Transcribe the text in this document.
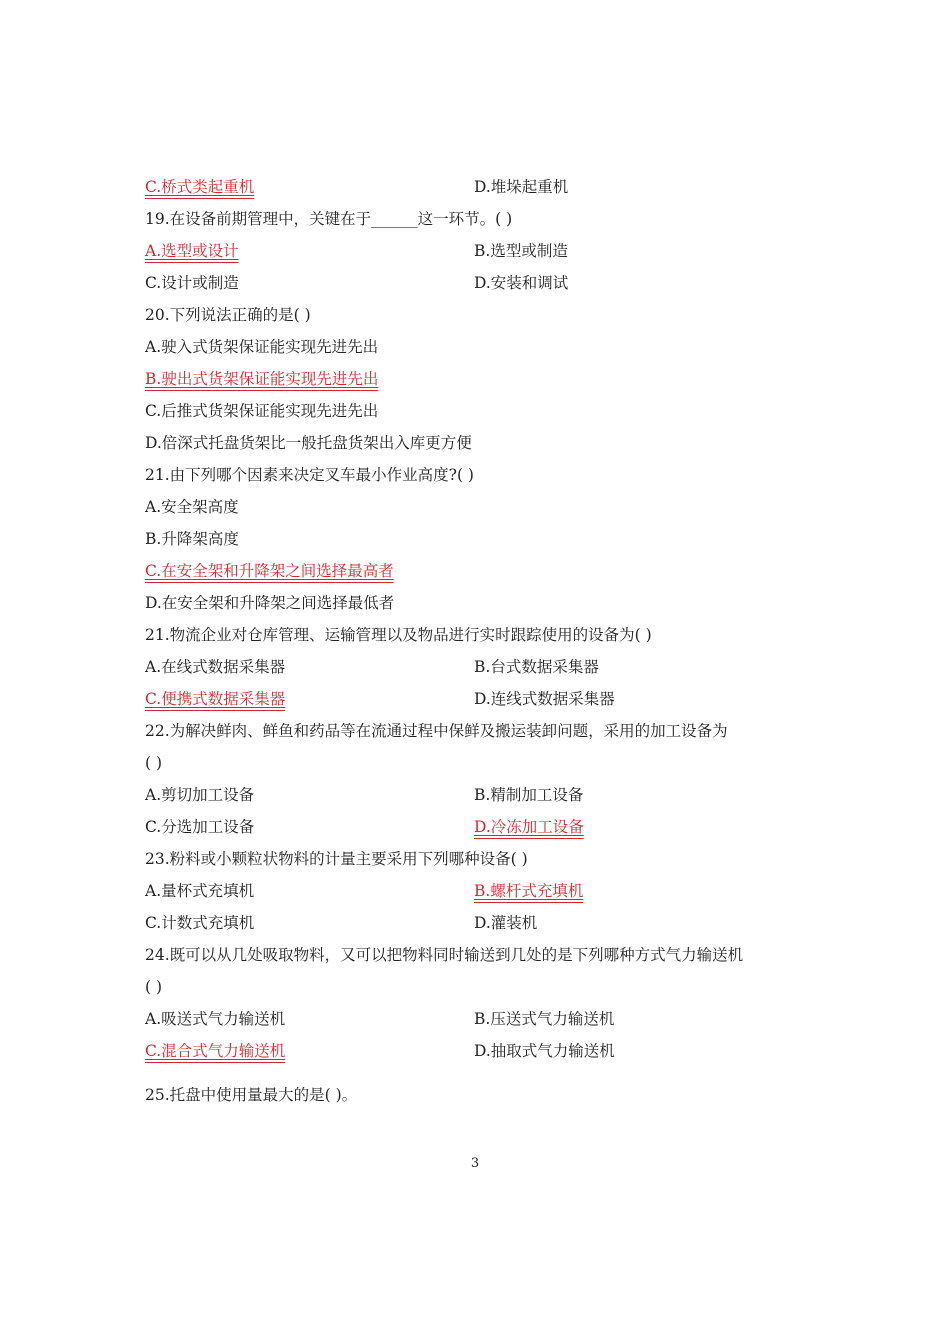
C.桥式类起重机	D.堆垛起重机
19.在设备前期管理中，关键在于______这一环节。( )
A.选型或设计	B.选型或制造
C.设计或制造	D.安装和调试
20.下列说法正确的是( )
A.驶入式货架保证能实现先进先出
B.驶出式货架保证能实现先进先出
C.后推式货架保证能实现先进先出
D.倍深式托盘货架比一般托盘货架出入库更方便
21.由下列哪个因素来决定叉车最小作业高度?( )
A.安全架高度
B.升降架高度
C.在安全架和升降架之间选择最高者
D.在安全架和升降架之间选择最低者
21.物流企业对仓库管理、运输管理以及物品进行实时跟踪使用的设备为( )
A.在线式数据采集器	B.台式数据采集器
C.便携式数据采集器	D.连线式数据采集器
22.为解决鲜肉、鲜鱼和药品等在流通过程中保鲜及搬运装卸问题，采用的加工设备为
( )
A.剪切加工设备	B.精制加工设备
C.分选加工设备	D.冷冻加工设备
23.粉料或小颗粒状物料的计量主要采用下列哪种设备( )
A.量杯式充填机	B.螺杆式充填机
C.计数式充填机	D.灌装机
24.既可以从几处吸取物料，又可以把物料同时输送到几处的是下列哪种方式气力输送机
( )
A.吸送式气力输送机	B.压送式气力输送机
C.混合式气力输送机	D.抽取式气力输送机
25.托盘中使用量最大的是( )。
3
